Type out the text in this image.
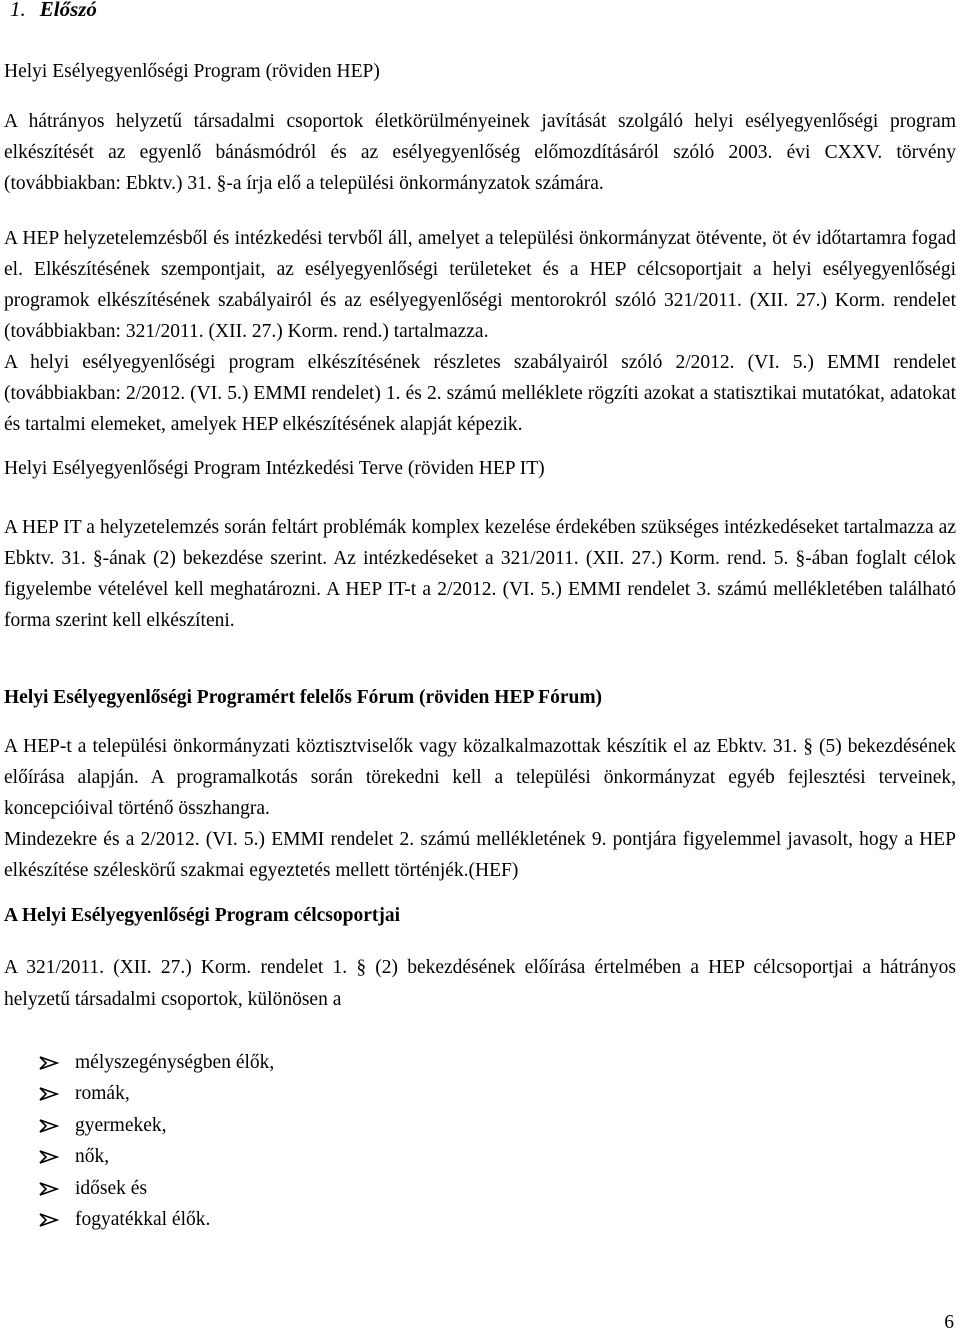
1. Előszó
Helyi Esélyegyenlőségi Program (röviden HEP)

A hátrányos helyzetű társadalmi csoportok életkörülményeinek javítását szolgáló helyi esélyegyenlőségi program elkészítését az egyenlő bánásmódról és az esélyegyenlőség előmozdításáról szóló 2003. évi CXXV. törvény (továbbiakban: Ebktv.) 31. §-a írja elő a települési önkormányzatok számára.

A HEP helyzetelemzésből és intézkedési tervből áll, amelyet a települési önkormányzat ötévente, öt év időtartamra fogad el. Elkészítésének szempontjait, az esélyegyenlőségi területeket és a HEP célcsoportjait a helyi esélyegyenlőségi programok elkészítésének szabályairól és az esélyegyenlőségi mentorokról szóló 321/2011. (XII. 27.) Korm. rendelet (továbbiakban: 321/2011. (XII. 27.) Korm. rend.) tartalmazza.

A helyi esélyegyenlőségi program elkészítésének részletes szabályairól szóló 2/2012. (VI. 5.) EMMI rendelet (továbbiakban: 2/2012. (VI. 5.) EMMI rendelet) 1. és 2. számú melléklete rögzíti azokat a statisztikai mutatókat, adatokat és tartalmi elemeket, amelyek HEP elkészítésének alapját képezik.

Helyi Esélyegyenlőségi Program Intézkedési Terve (röviden HEP IT)

A HEP IT a helyzetelemzés során feltárt problémák komplex kezelése érdekében szükséges intézkedéseket tartalmazza az Ebktv. 31. §-ának (2) bekezdése szerint. Az intézkedéseket a 321/2011. (XII. 27.) Korm. rend. 5. §-ában foglalt célok figyelembe vételével kell meghatározni. A HEP IT-t a 2/2012. (VI. 5.) EMMI rendelet 3. számú mellékletében található forma szerint kell elkészíteni.

Helyi Esélyegyenlőségi Programért felelős Fórum (röviden HEP Fórum)

A HEP-t a települési önkormányzati köztisztviselők vagy közalkalmazottak készítik el az Ebktv. 31. § (5) bekezdésének előírása alapján. A programalkotás során törekedni kell a települési önkormányzat egyéb fejlesztési terveinek, koncepcióival történő összhangra.

Mindezekre és a 2/2012. (VI. 5.) EMMI rendelet 2. számú mellékletének 9. pontjára figyelemmel javasolt, hogy a HEP elkészítése széleskörű szakmai egyeztetés mellett történjék.(HEF)

A Helyi Esélyegyenlőségi Program célcsoportjai

A 321/2011. (XII. 27.) Korm. rendelet 1. § (2) bekezdésének előírása értelmében a HEP célcsoportjai a hátrányos helyzetű társadalmi csoportok, különösen a

mélyszegénységben élők,
romák,
gyermekek,
nők,
idősek és
fogyatékkal élők.
6
